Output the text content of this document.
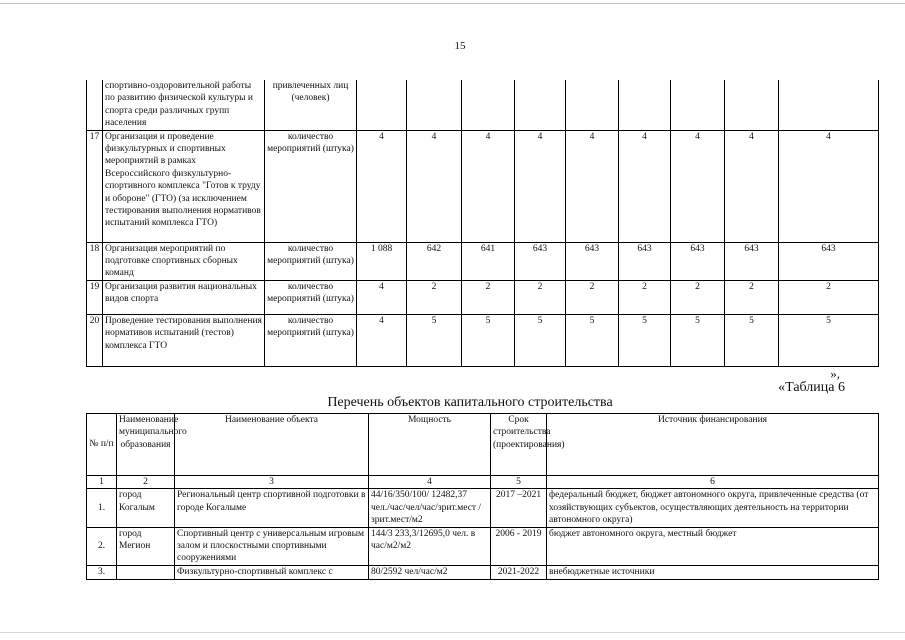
15
	спортивно-оздоровительной работы по развитию физической культуры и спорта среди различных групп населения	привлеченных лиц (человек)									
17	Организация и проведение физкультурных и спортивных мероприятий в рамках Всероссийского физкультурно-спортивного комплекса "Готов к труду и обороне" (ГТО) (за исключением тестирования выполнения нормативов испытаний комплекса ГТО)	количество мероприятий (штука)	4	4	4	4	4	4	4	4	4
18	Организация мероприятий по подготовке спортивных сборных команд	количество мероприятий (штука)	1 088	642	641	643	643	643	643	643	643
19	Организация развития национальных видов спорта	количество мероприятий (штука)	4	2	2	2	2	2	2	2	2
20	Проведение тестирования выполнения нормативов испытаний (тестов) комплекса ГТО	количество мероприятий (штука)	4	5	5	5	5	5	5	5	5
»,
«Таблица 6
Перечень объектов капитального строительства
№ п/п	Наименование муниципального образования	Наименование объекта	Мощность	Срок строительства (проектирования)	Источник финансирования
1	2	3	4	5	6
1.	город Когалым	Региональный центр спортивной подготовки в городе Когалыме	44/16/350/100/ 12482,37 чел./час/чел/час/зрит.мест /зрит.мест/м2	2017 –2021	федеральный бюджет, бюджет автономного округа, привлеченные средства (от хозяйствующих субъектов, осуществляющих деятельность на территории автономного округа)
2.	город Мегион	Спортивный центр с универсальным игровым залом и плоскостными спортивными сооружениями	144/3 233,3/12695,0 чел. в час/м2/м2	2006 - 2019	бюджет автономного округа, местный бюджет
3.		Физкультурно-спортивный комплекс с	80/2592 чел/час/м2	2021-2022	внебюджетные источники
